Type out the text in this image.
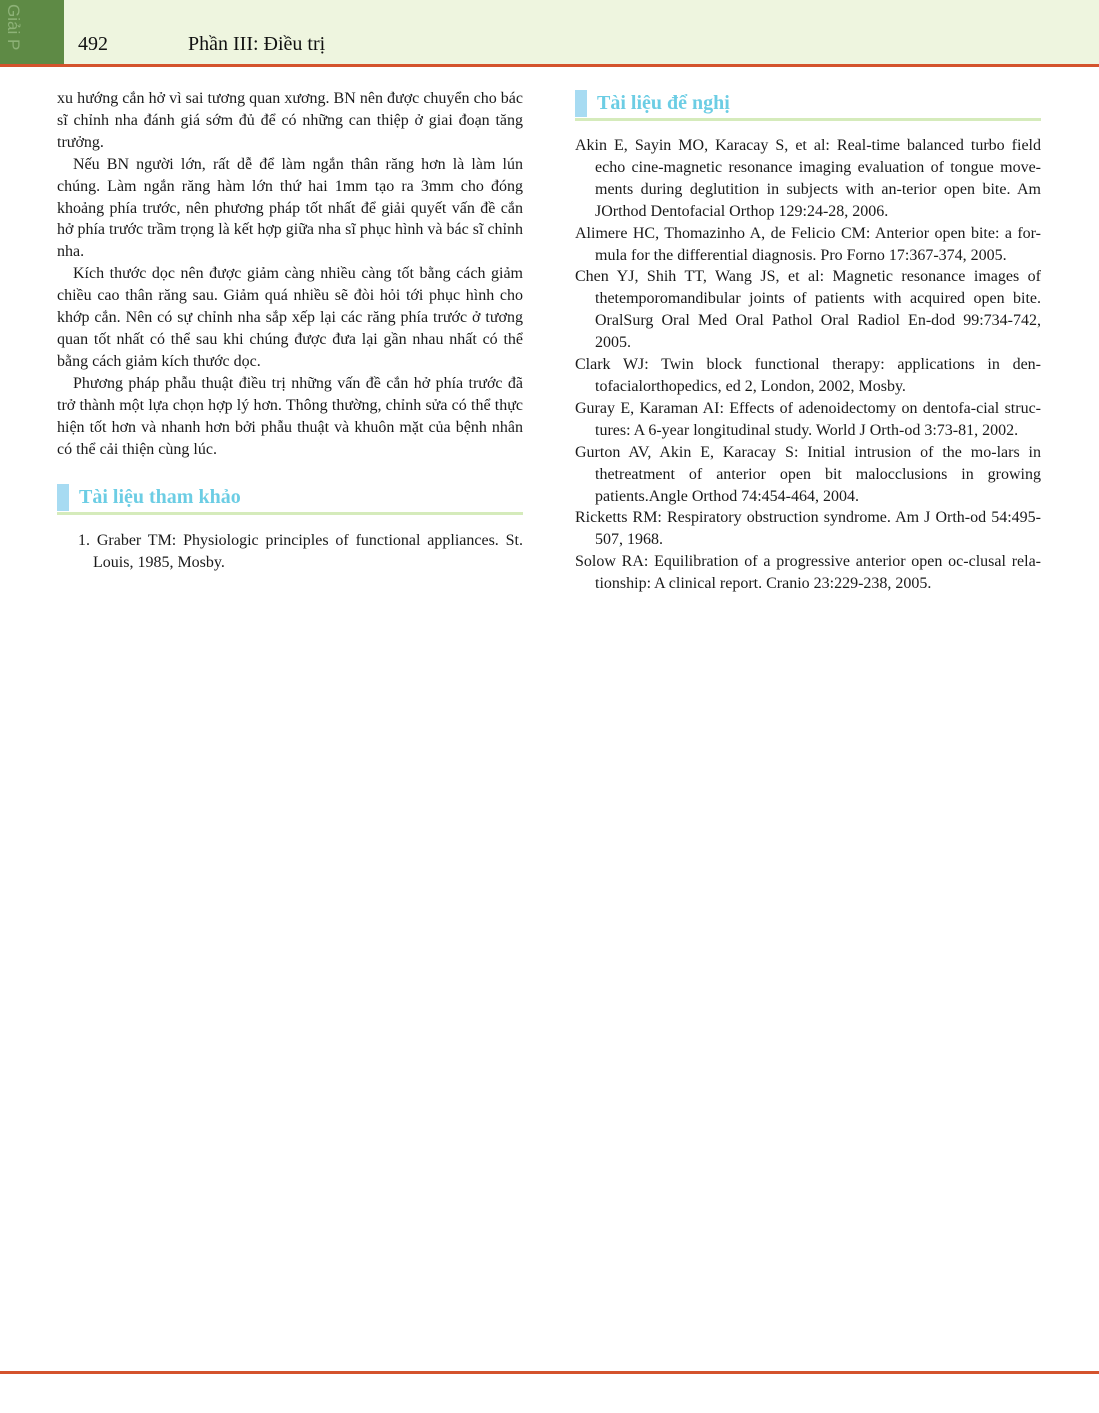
Giải P	492	Phần III: Điều trị

xu hướng cắn hở vì sai tương quan xương. BN nên được chuyển cho bác sĩ chỉnh nha đánh giá sớm đủ để có những can thiệp ở giai đoạn tăng trưởng.

Nếu BN người lớn, rất dễ để làm ngắn thân răng hơn là làm lún chúng. Làm ngắn răng hàm lớn thứ hai 1mm tạo ra 3mm cho đóng khoảng phía trước, nên phương pháp tốt nhất để giải quyết vấn đề cắn hở phía trước trầm trọng là kết hợp giữa nha sĩ phục hình và bác sĩ chỉnh nha.

Kích thước dọc nên được giảm càng nhiều càng tốt bằng cách giảm chiều cao thân răng sau. Giảm quá nhiều sẽ đòi hỏi tới phục hình cho khớp cắn. Nên có sự chỉnh nha sắp xếp lại các răng phía trước ở tương quan tốt nhất có thể sau khi chúng được đưa lại gần nhau nhất có thể bằng cách giảm kích thước dọc.

Phương pháp phẫu thuật điều trị những vấn đề cắn hở phía trước đã trở thành một lựa chọn hợp lý hơn. Thông thường, chỉnh sửa có thể thực hiện tốt hơn và nhanh hơn bởi phẫu thuật và khuôn mặt của bệnh nhân có thể cải thiện cùng lúc.

Tài liệu tham khảo

1. Graber TM: Physiologic principles of functional appliances. St. Louis, 1985, Mosby.

Tài liệu để nghị

Akin E, Sayin MO, Karacay S, et al: Real-time balanced turbo field echo cine-magnetic resonance imaging evaluation of tongue move-ments during deglutition in subjects with an-terior open bite. Am JOrthod Dentofacial Orthop 129:24-28, 2006.

Alimere HC, Thomazinho A, de Felicio CM: Anterior open bite: a for-mula for the differential diagnosis. Pro Forno 17:367-374, 2005.

Chen YJ, Shih TT, Wang JS, et al: Magnetic resonance images of thetemporomandibular joints of patients with acquired open bite. OralSurg Oral Med Oral Pathol Oral Radiol En-dod 99:734-742, 2005.

Clark WJ: Twin block functional therapy: applications in den-tofacialorthopedics, ed 2, London, 2002, Mosby.

Guray E, Karaman AI: Effects of adenoidectomy on dentofa-cial struc-tures: A 6-year longitudinal study. World J Orth-od 3:73-81, 2002.

Gurton AV, Akin E, Karacay S: Initial intrusion of the mo-lars in thetreatment of anterior open bit malocclusions in growing patients.Angle Orthod 74:454-464, 2004.

Ricketts RM: Respiratory obstruction syndrome. Am J Orth-od 54:495-507, 1968.

Solow RA: Equilibration of a progressive anterior open oc-clusal rela-tionship: A clinical report. Cranio 23:229-238, 2005.
